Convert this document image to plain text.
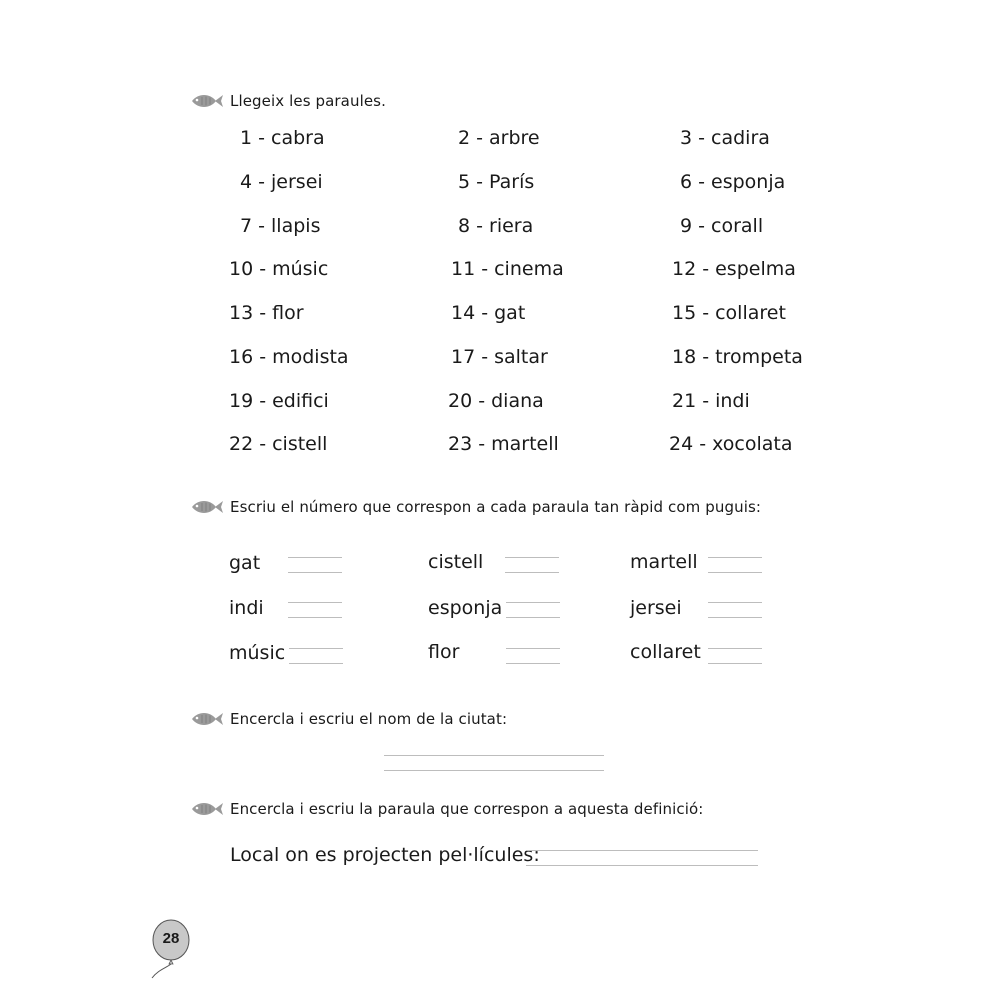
Llegeix les paraules.
1 - cabra	2 - arbre	3 - cadira
4 - jersei	5 - París	6 - esponja
7 - llapis	8 - riera	9 - corall
10 - músic	11 - cinema	12 - espelma
13 - flor	14 - gat	15 - collaret
16 - modista	17 - saltar	18 - trompeta
19 - edifici	20 - diana	21 - indi
22 - cistell	23 - martell	24 - xocolata
Escriu el número que correspon a cada paraula tan ràpid com puguis:
gat	cistell	martell
indi	esponja	jersei
músic	flor	collaret
Encercla i escriu el nom de la ciutat:
Encercla i escriu la paraula que correspon a aquesta definició:
Local on es projecten pel·lícules:
28
